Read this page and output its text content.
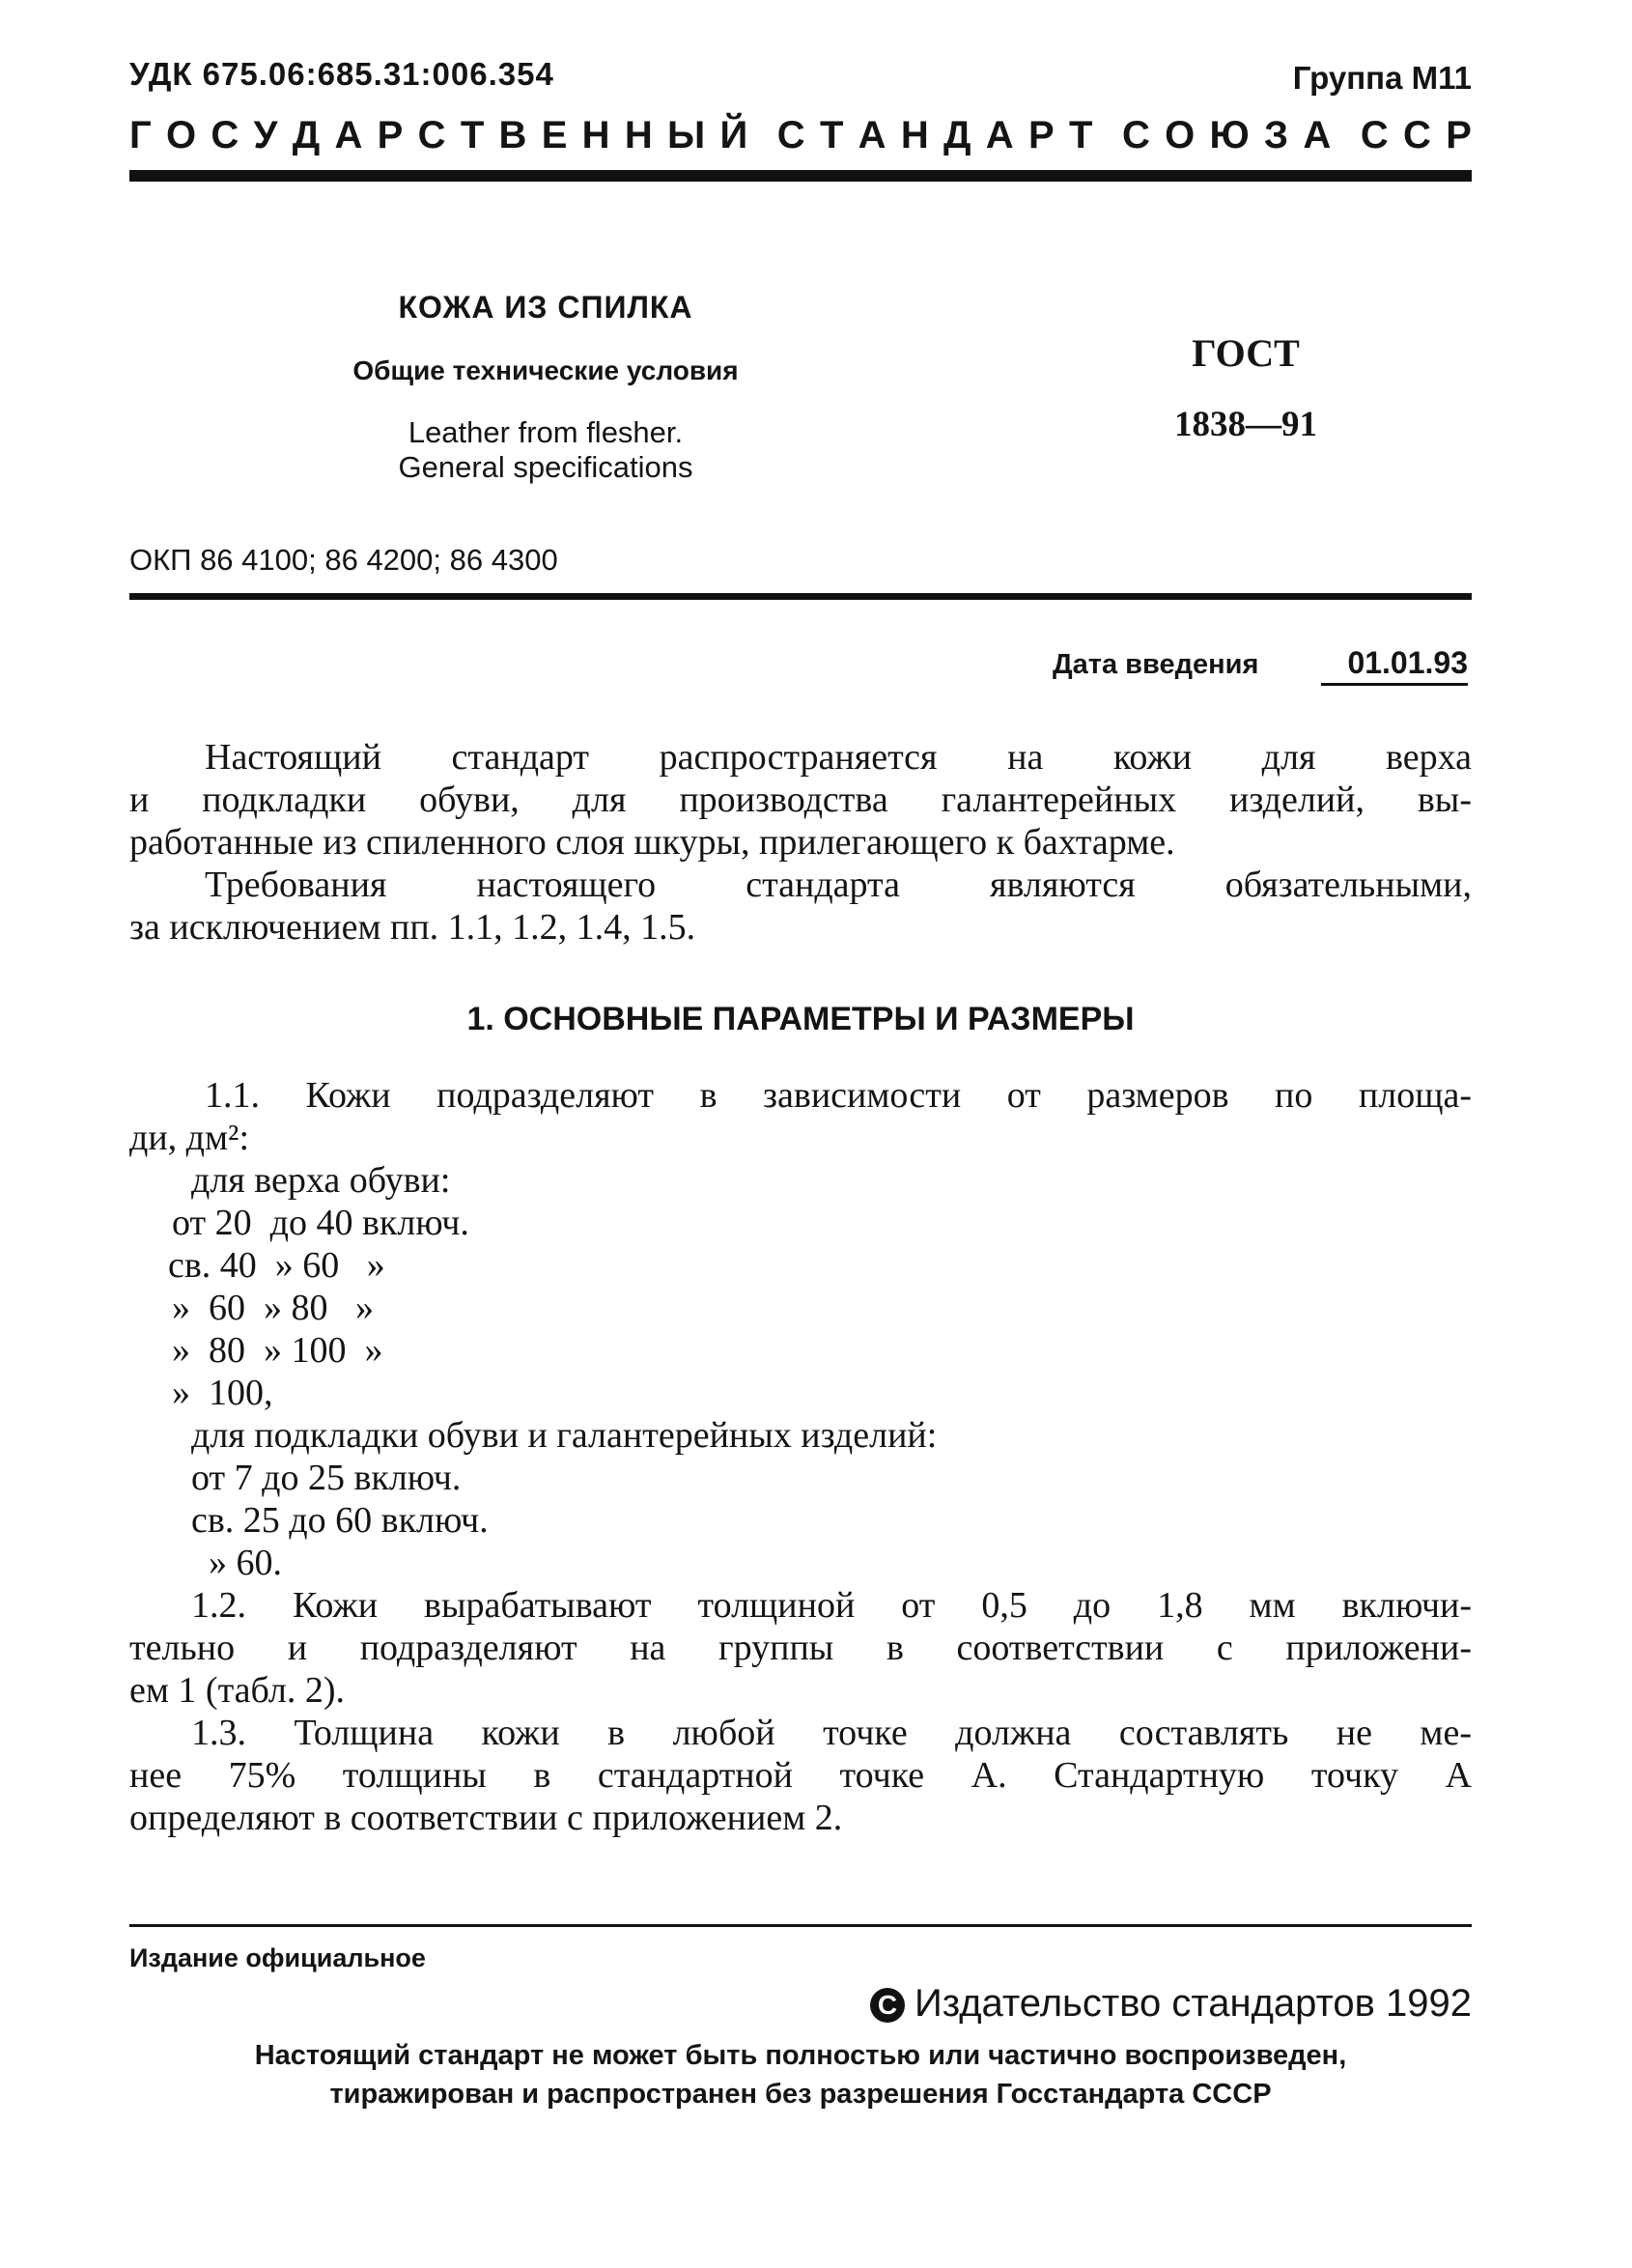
УДК 675.06:685.31:006.354	Группа М11
Г О С У Д А Р С Т В Е Н Н Ы Й С Т А Н Д А Р Т С О Ю З А С С Р
КОЖА ИЗ СПИЛКА
Общие технические условия
Leather from flesher.
General specifications
ГОСТ
1838—91
ОКП 86 4100; 86 4200; 86 4300
Дата введения	01.01.93
Настоящий стандарт распространяется на кожи для верха
и подкладки обуви, для производства галантерейных изделий, вы-
работанные из спиленного слоя шкуры, прилегающего к бахтарме.
Требования настоящего стандарта являются обязательными,
за исключением пп. 1.1, 1.2, 1.4, 1.5.
1. ОСНОВНЫЕ ПАРАМЕТРЫ И РАЗМЕРЫ
1.1. Кожи подразделяют в зависимости от размеров по площа-
ди, дм²:
для верха обуви:
от 20  до 40 включ.
св. 40  » 60   »
»  60  » 80   »
»  80  » 100  »
»  100,
для подкладки обуви и галантерейных изделий:
от 7 до 25 включ.
св. 25 до 60 включ.
» 60.
1.2. Кожи вырабатывают толщиной от 0,5 до 1,8 мм включи-
тельно и подразделяют на группы в соответствии с приложени-
ем 1 (табл. 2).
1.3. Толщина кожи в любой точке должна составлять не ме-
нее 75% толщины в стандартной точке А. Стандартную точку А
определяют в соответствии с приложением 2.
Издание официальное
C Издательство стандартов 1992
Настоящий стандарт не может быть полностью или частично воспроизведен,
тиражирован и распространен без разрешения Госстандарта СССР
